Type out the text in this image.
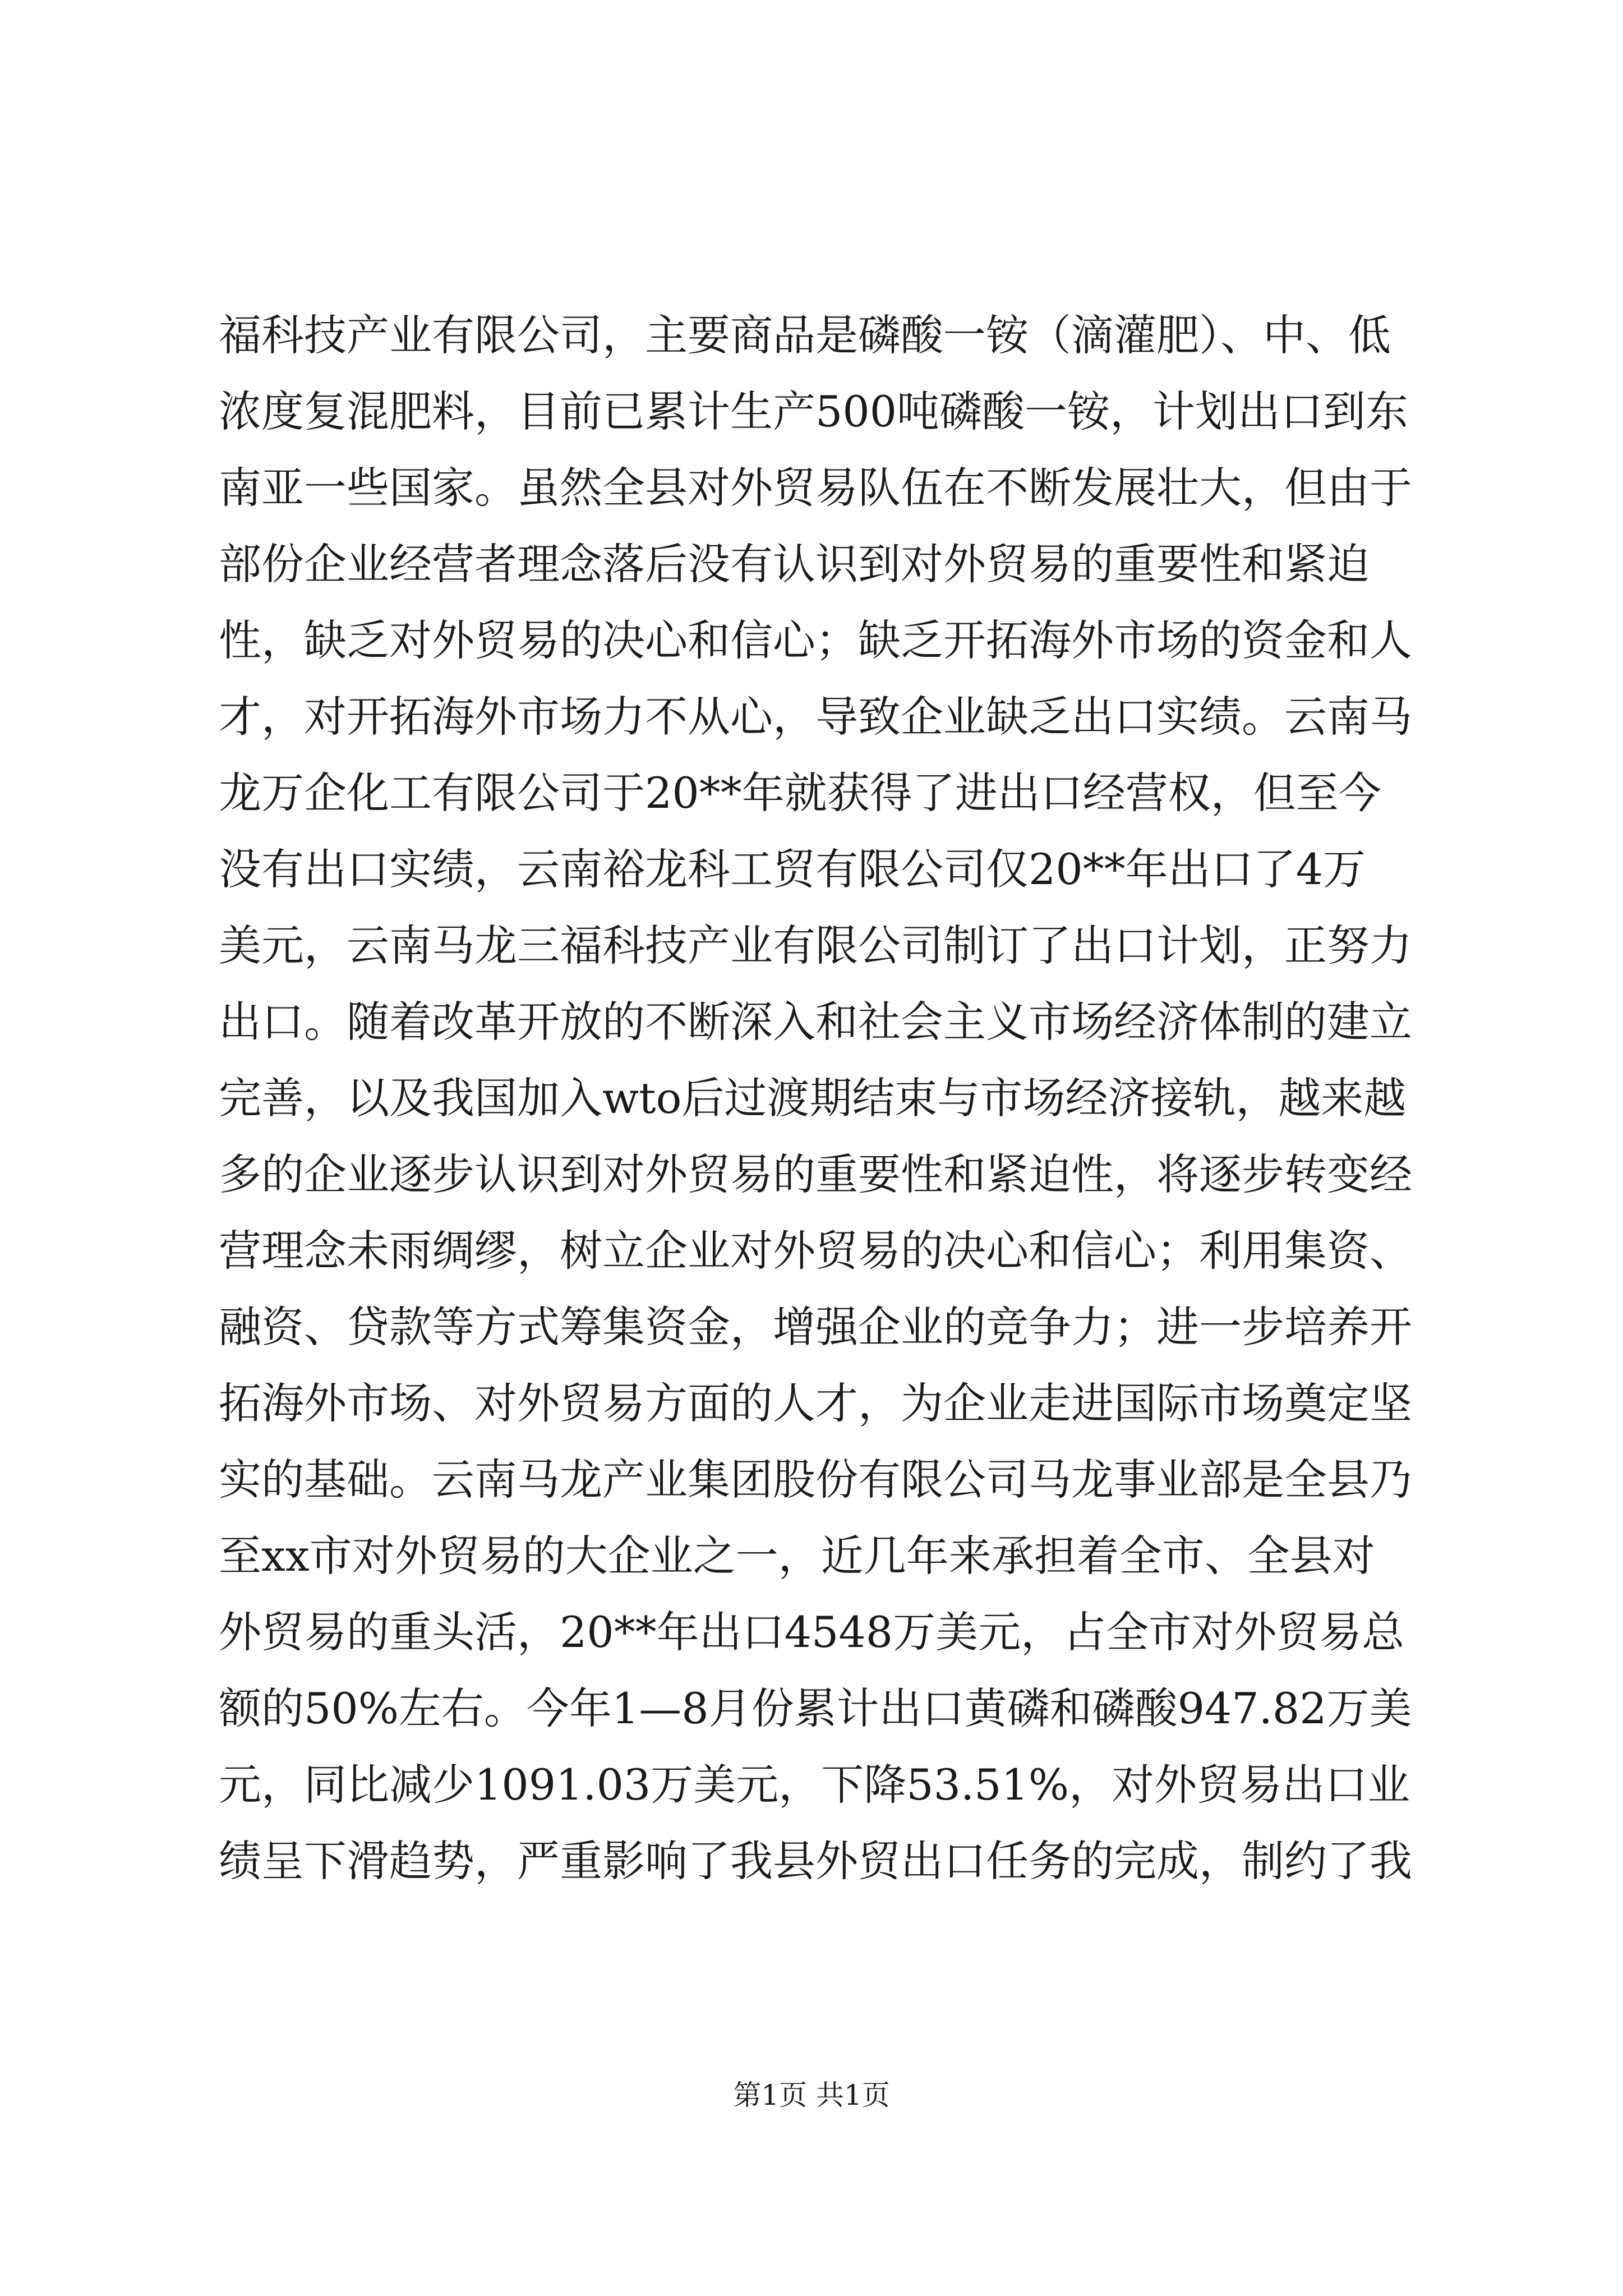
福科技产业有限公司，主要商品是磷酸一铵（滴灌肥）、中、低
浓度复混肥料，目前已累计生产500吨磷酸一铵，计划出口到东
南亚一些国家。虽然全县对外贸易队伍在不断发展壮大，但由于
部份企业经营者理念落后没有认识到对外贸易的重要性和紧迫
性，缺乏对外贸易的决心和信心；缺乏开拓海外市场的资金和人
才，对开拓海外市场力不从心，导致企业缺乏出口实绩。云南马
龙万企化工有限公司于20**年就获得了进出口经营权，但至今
没有出口实绩，云南裕龙科工贸有限公司仅20**年出口了4万
美元，云南马龙三福科技产业有限公司制订了出口计划，正努力
出口。随着改革开放的不断深入和社会主义市场经济体制的建立
完善，以及我国加入wto后过渡期结束与市场经济接轨，越来越
多的企业逐步认识到对外贸易的重要性和紧迫性，将逐步转变经
营理念未雨绸缪，树立企业对外贸易的决心和信心；利用集资、
融资、贷款等方式筹集资金，增强企业的竞争力；进一步培养开
拓海外市场、对外贸易方面的人才，为企业走进国际市场奠定坚
实的基础。云南马龙产业集团股份有限公司马龙事业部是全县乃
至xx市对外贸易的大企业之一，近几年来承担着全市、全县对
外贸易的重头活，20**年出口4548万美元，占全市对外贸易总
额的50%左右。今年1—8月份累计出口黄磷和磷酸947.82万美
元，同比减少1091.03万美元，下降53.51%，对外贸易出口业
绩呈下滑趋势，严重影响了我县外贸出口任务的完成，制约了我
第1页 共1页
